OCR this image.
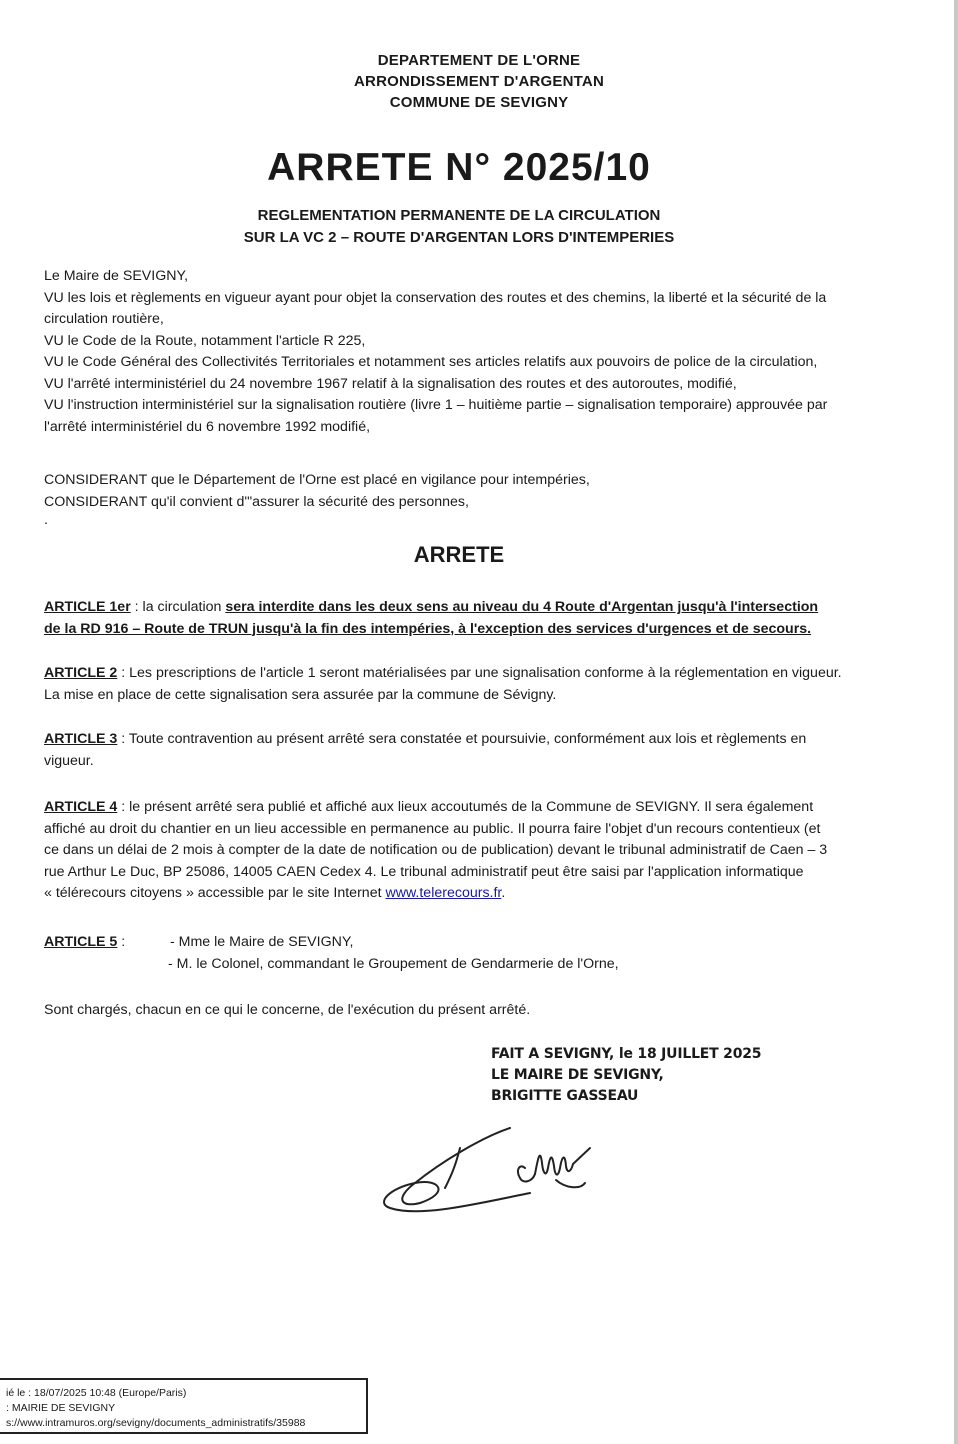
DEPARTEMENT DE L'ORNE
ARRONDISSEMENT D'ARGENTAN
COMMUNE DE SEVIGNY
ARRETE N° 2025/10
REGLEMENTATION PERMANENTE DE LA CIRCULATION
SUR LA VC 2 – ROUTE D'ARGENTAN LORS D'INTEMPERIES
Le Maire de SEVIGNY,
VU les lois et règlements en vigueur ayant pour objet la conservation des routes et des chemins, la liberté et la sécurité de la
circulation routière,
VU le Code de la Route, notamment l'article R 225,
VU le Code Général des Collectivités Territoriales et notamment ses articles relatifs aux pouvoirs de police de la circulation,
VU l'arrêté interministériel du 24 novembre 1967 relatif à la signalisation des routes et des autoroutes, modifié,
VU l'instruction interministériel sur la signalisation routière (livre 1 – huitième partie – signalisation temporaire) approuvée par
l'arrêté interministériel du 6 novembre 1992 modifié,
CONSIDERANT que le Département de l'Orne est placé en vigilance pour intempéries,
CONSIDERANT qu'il convient d'"assurer la sécurité des personnes,
.
ARRETE
ARTICLE 1er : la circulation sera interdite dans les deux sens au niveau du 4 Route d'Argentan jusqu'à l'intersection
de la RD 916 – Route de TRUN jusqu'à la fin des intempéries, à l'exception des services d'urgences et de secours.
ARTICLE 2 : Les prescriptions de l'article 1 seront matérialisées par une signalisation conforme à la réglementation en vigueur.
La mise en place de cette signalisation sera assurée par la commune de Sévigny.
ARTICLE 3 : Toute contravention au présent arrêté sera constatée et poursuivie, conformément aux lois et règlements en
vigueur.
ARTICLE 4 : le présent arrêté sera publié et affiché aux lieux accoutumés de la Commune de SEVIGNY. Il sera également
affiché au droit du chantier en un lieu accessible en permanence au public. Il pourra faire l'objet d'un recours contentieux (et
ce dans un délai de 2 mois à compter de la date de notification ou de publication) devant le tribunal administratif de Caen – 3
rue Arthur Le Duc, BP 25086, 14005 CAEN Cedex 4. Le tribunal administratif peut être saisi par l'application informatique
« télérecours citoyens » accessible par le site Internet www.telerecours.fr.
ARTICLE 5 :	- Mme le Maire de SEVIGNY,
- M. le Colonel, commandant le Groupement de Gendarmerie de l'Orne,

Sont chargés, chacun en ce qui le concerne, de l'exécution du présent arrêté.
FAIT A SEVIGNY, le 18 JUILLET 2025
LE MAIRE DE SEVIGNY,
BRIGITTE GASSEAU
ié le : 18/07/2025 10:48 (Europe/Paris)
: MAIRIE DE SEVIGNY
s://www.intramuros.org/sevigny/documents_administratifs/35988
